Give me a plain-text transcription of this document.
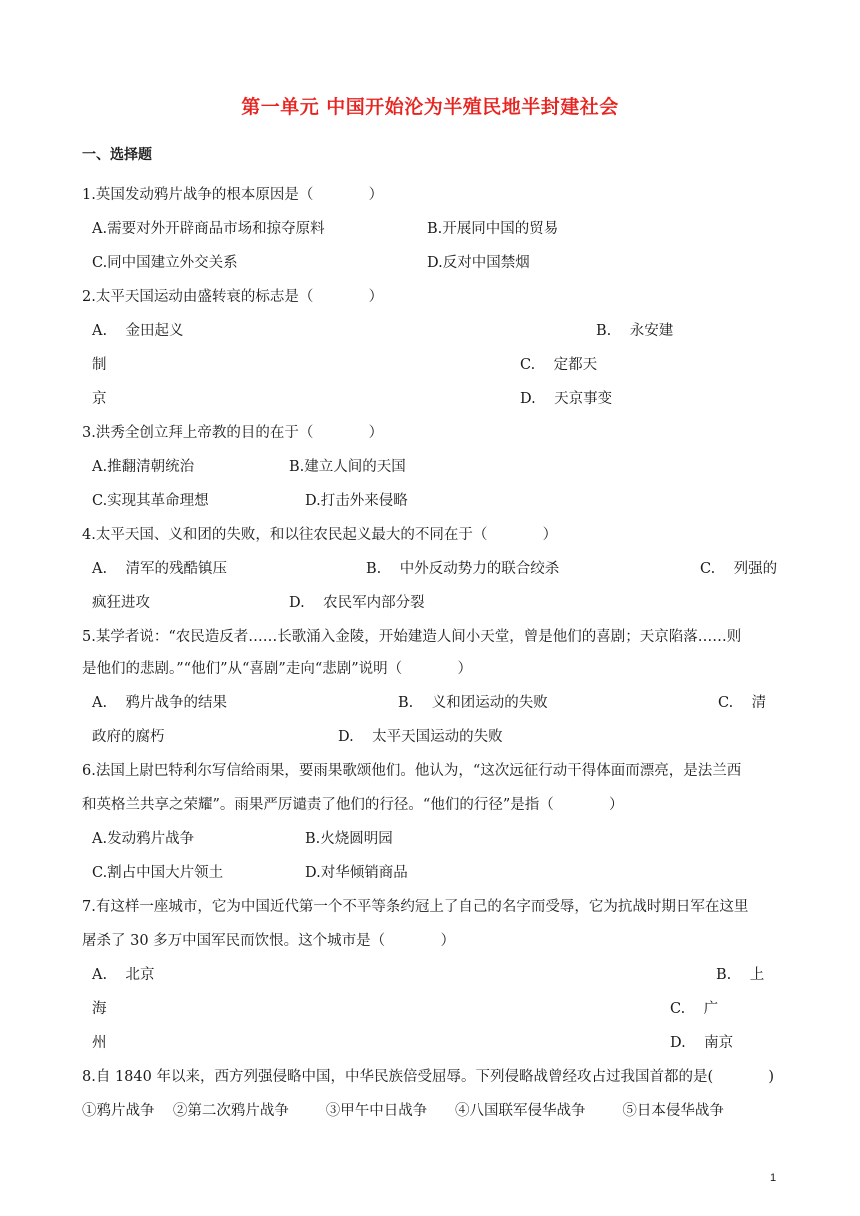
第一单元 中国开始沦为半殖民地半封建社会
一、选择题
1.英国发动鸦片战争的根本原因是（            ）
A.需要对外开辟商品市场和掠夺原料	B.开展同中国的贸易
C.同中国建立外交关系	D.反对中国禁烟
2.太平天国运动由盛转衰的标志是（            ）
A.    金田起义	B.    永安建
制	C.    定都天
京	D.    天京事变
3.洪秀全创立拜上帝教的目的在于（            ）
A.推翻清朝统治	B.建立人间的天国
C.实现其革命理想	D.打击外来侵略
4.太平天国、义和团的失败，和以往农民起义最大的不同在于（            ）
A.    清军的残酷镇压	B.    中外反动势力的联合绞杀	C.    列强的
疯狂进攻	D.    农民军内部分裂
5.某学者说：“农民造反者……长歌涌入金陵，开始建造人间小天堂，曾是他们的喜剧；天京陷落……则
是他们的悲剧。”“他们”从“喜剧”走向“悲剧”说明（            ）
A.    鸦片战争的结果	B.    义和团运动的失败	C.    清
政府的腐朽	D.    太平天国运动的失败
6.法国上尉巴特利尔写信给雨果，要雨果歌颂他们。他认为，“这次远征行动干得体面而漂亮，是法兰西
和英格兰共享之荣耀”。雨果严厉谴责了他们的行径。“他们的行径”是指（            ）
A.发动鸦片战争	B.火烧圆明园
C.割占中国大片领土	D.对华倾销商品
7.有这样一座城市，它为中国近代第一个不平等条约冠上了自己的名字而受辱，它为抗战时期日军在这里
屠杀了 30 多万中国军民而饮恨。这个城市是（            ）
A.    北京	B.    上
海	C.    广
州	D.    南京
8.自 1840 年以来，西方列强侵略中国，中华民族倍受屈辱。下列侵略战曾经攻占过我国首都的是(            )
①鸦片战争    ②第二次鸦片战争        ③甲午中日战争      ④八国联军侵华战争        ⑤日本侵华战争
1
